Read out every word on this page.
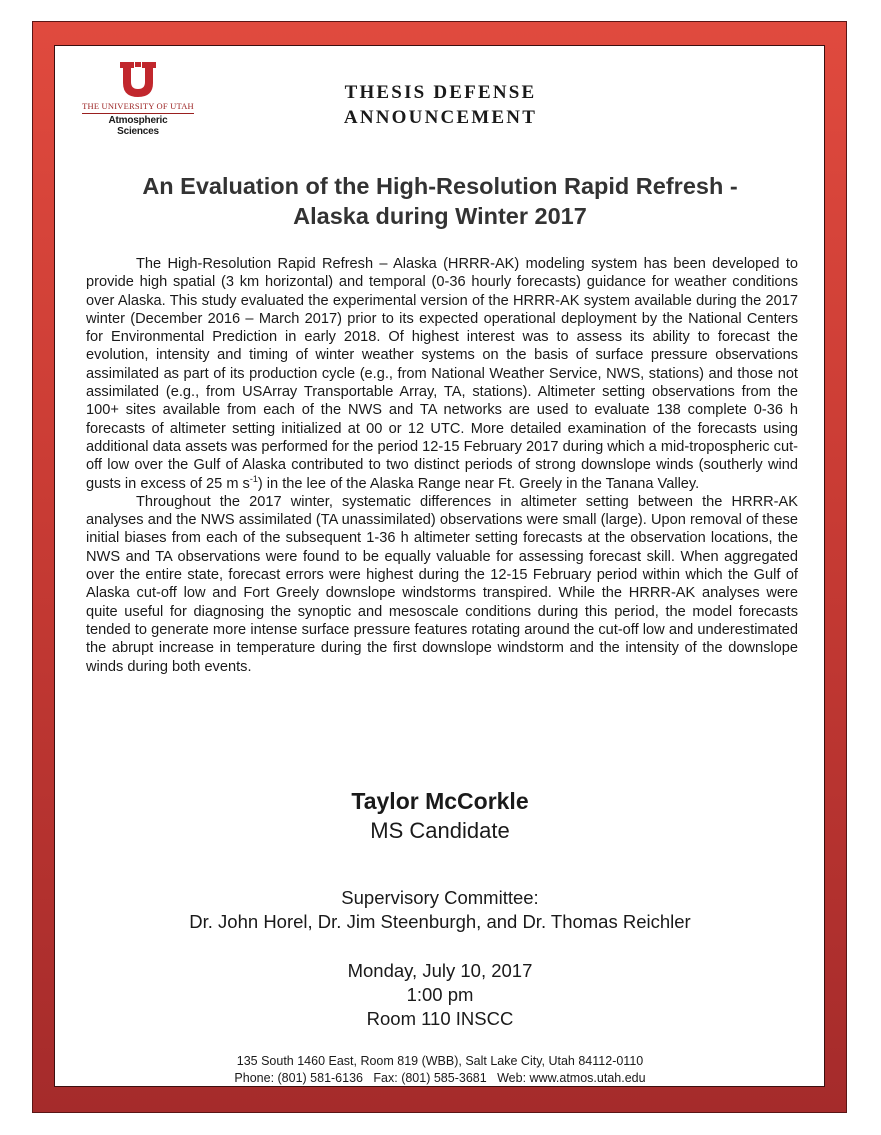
THE UNIVERSITY OF UTAH
Atmospheric
Sciences
THESIS DEFENSE
ANNOUNCEMENT
An Evaluation of the High-Resolution Rapid Refresh -
Alaska during Winter 2017

The High-Resolution Rapid Refresh – Alaska (HRRR-AK) modeling system has been developed to provide high spatial (3 km horizontal) and temporal (0-36 hourly forecasts) guidance for weather conditions over Alaska. This study evaluated the experimental version of the HRRR-AK system available during the 2017 winter (December 2016 – March 2017) prior to its expected operational deployment by the National Centers for Environmental Prediction in early 2018. Of highest interest was to assess its ability to forecast the evolution, intensity and timing of winter weather systems on the basis of surface pressure observations assimilated as part of its production cycle (e.g., from National Weather Service, NWS, stations) and those not assimilated (e.g., from USArray Transportable Array, TA, stations). Altimeter setting observations from the 100+ sites available from each of the NWS and TA networks are used to evaluate 138 complete 0-36 h forecasts of altimeter setting initialized at 00 or 12 UTC. More detailed examination of the forecasts using additional data assets was performed for the period 12-15 February 2017 during which a mid-tropospheric cut-off low over the Gulf of Alaska contributed to two distinct periods of strong downslope winds (southerly wind gusts in excess of 25 m $s^{-1}$) in the lee of the Alaska Range near Ft. Greely in the Tanana Valley.

Throughout the 2017 winter, systematic differences in altimeter setting between the HRRR-AK analyses and the NWS assimilated (TA unassimilated) observations were small (large). Upon removal of these initial biases from each of the subsequent 1-36 h altimeter setting forecasts at the observation locations, the NWS and TA observations were found to be equally valuable for assessing forecast skill. When aggregated over the entire state, forecast errors were highest during the 12-15 February period within which the Gulf of Alaska cut-off low and Fort Greely downslope windstorms transpired. While the HRRR-AK analyses were quite useful for diagnosing the synoptic and mesoscale conditions during this period, the model forecasts tended to generate more intense surface pressure features rotating around the cut-off low and underestimated the abrupt increase in temperature during the first downslope windstorm and the intensity of the downslope winds during both events.

Taylor McCorkle
MS Candidate
Supervisory Committee:
Dr. John Horel, Dr. Jim Steenburgh, and Dr. Thomas Reichler
Monday, July 10, 2017
1:00 pm
Room 110 INSCC
135 South 1460 East, Room 819 (WBB), Salt Lake City, Utah 84112-0110
Phone: (801) 581-6136   Fax: (801) 585-3681   Web: www.atmos.utah.edu
